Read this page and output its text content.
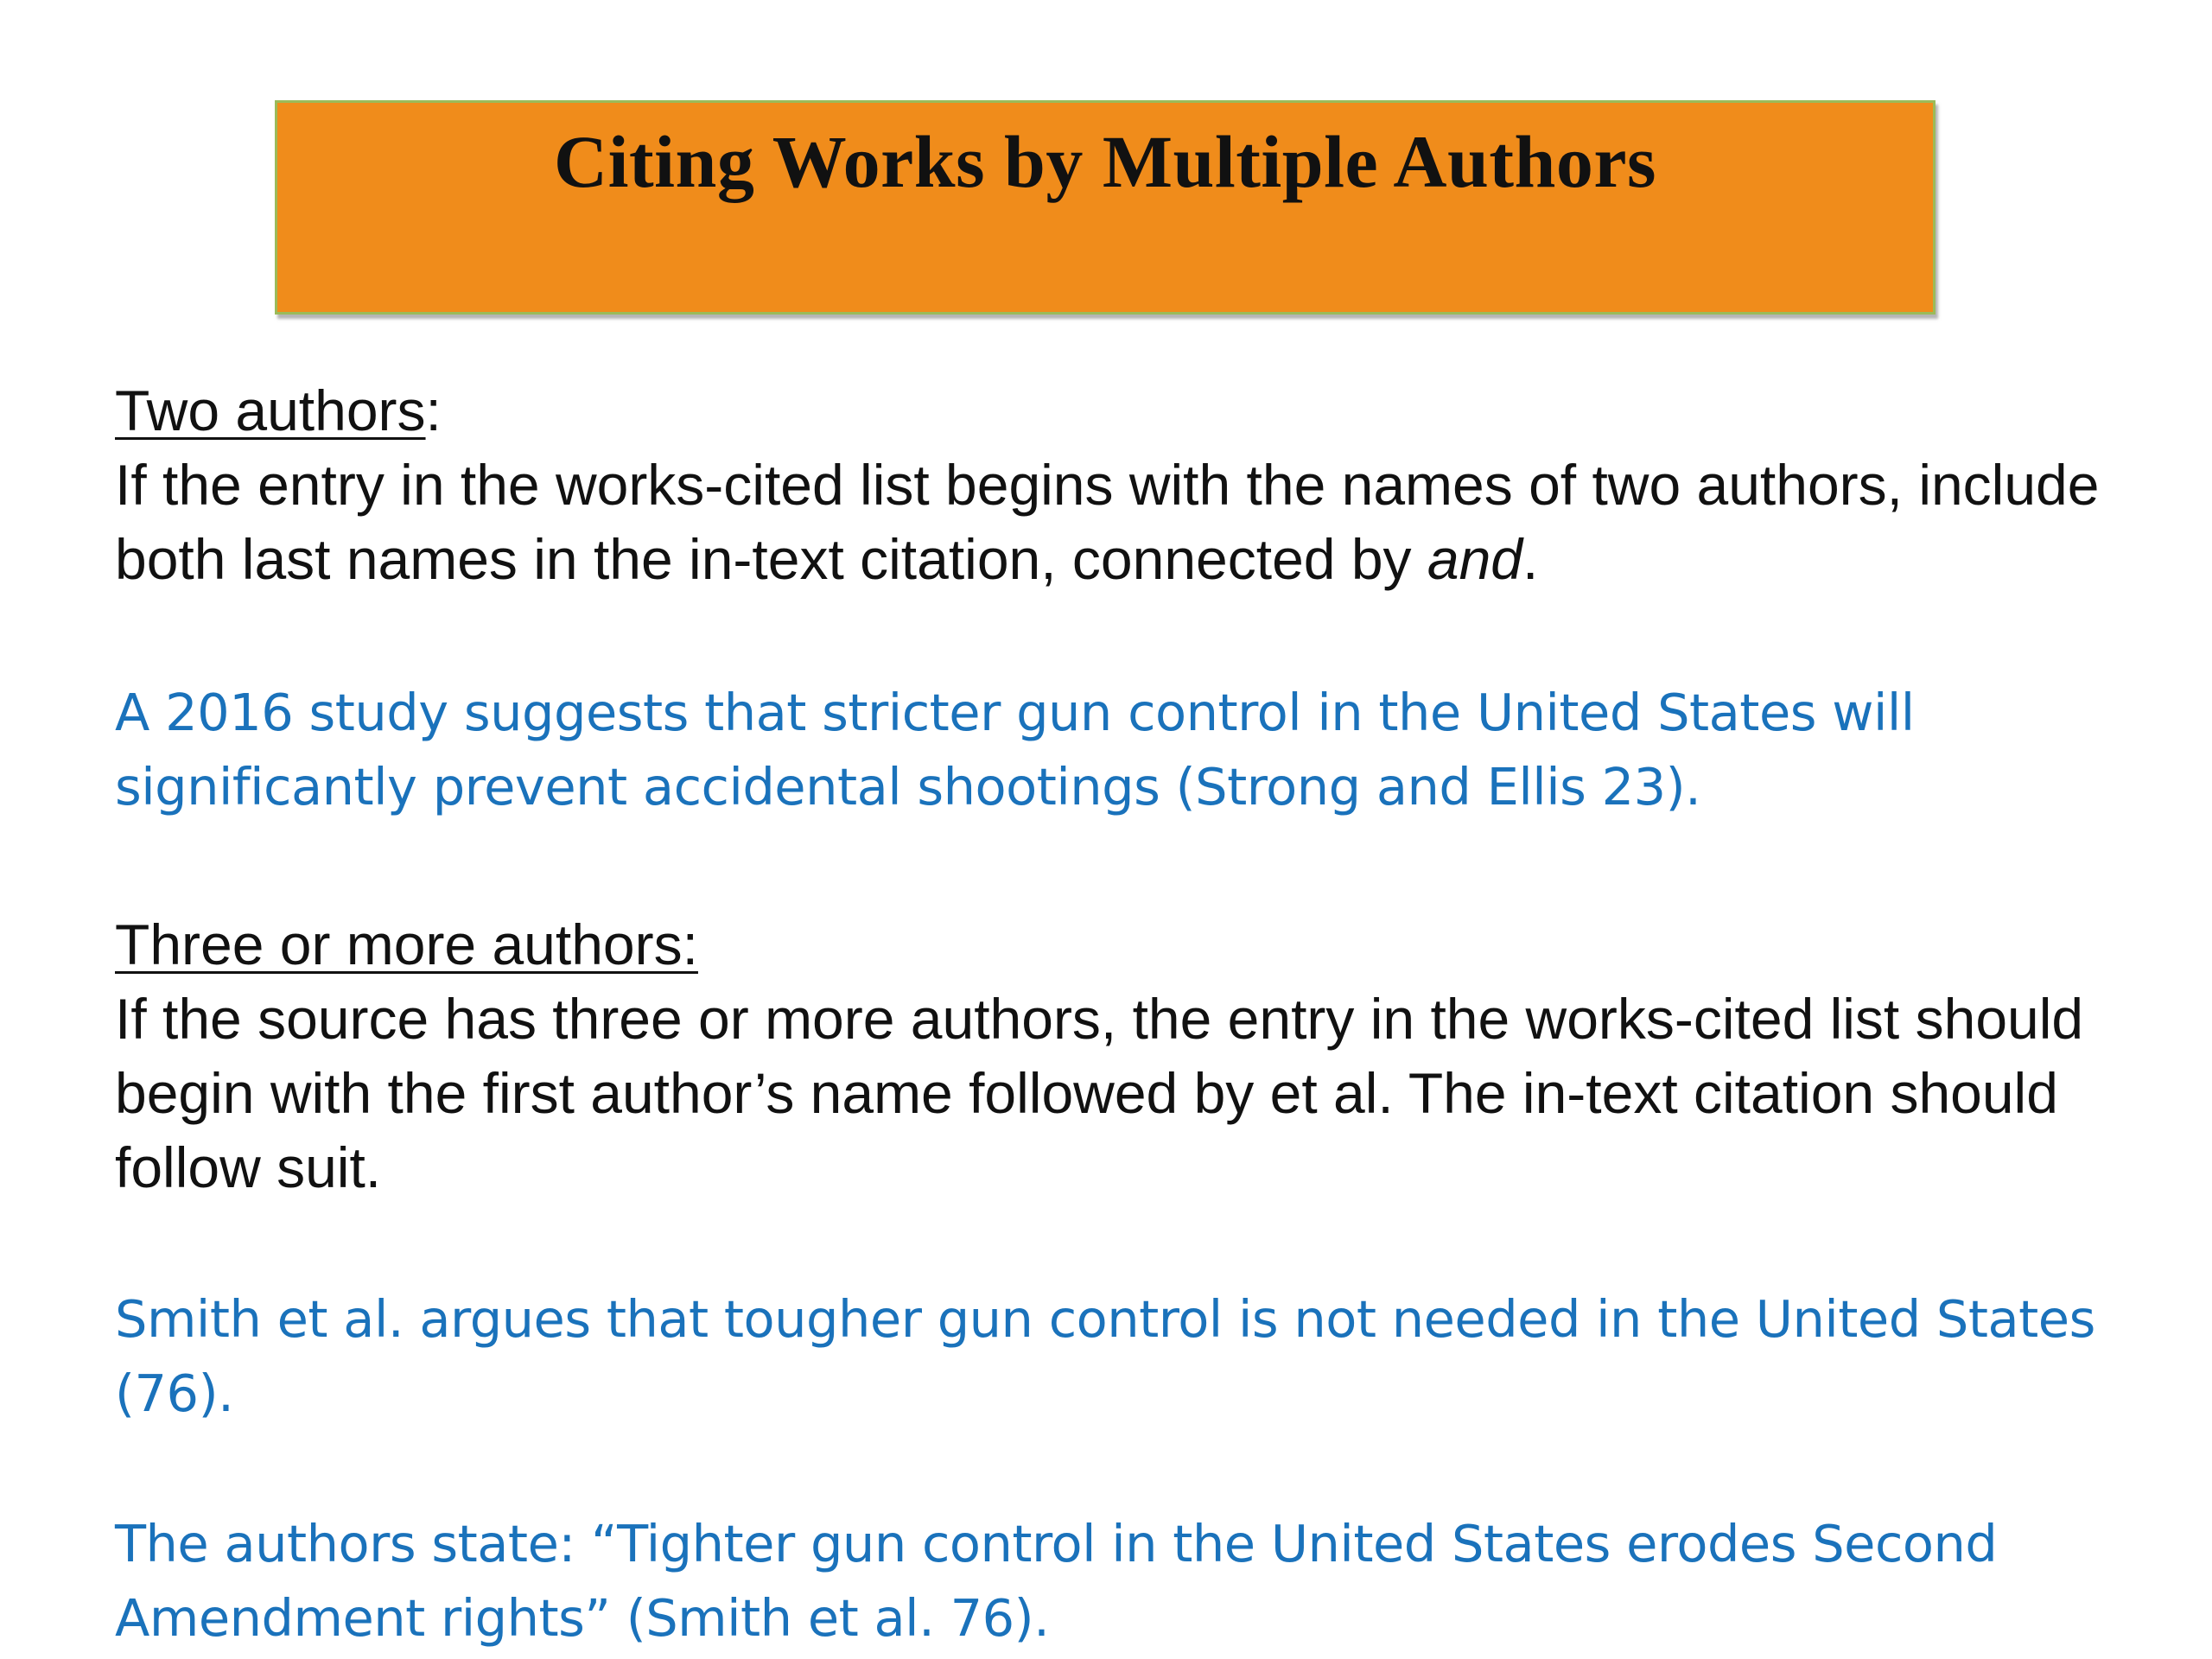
Citing Works by Multiple Authors
Two authors:
If the entry in the works-cited list begins with the names of two authors, include both last names in the in-text citation, connected by and.
A 2016 study suggests that stricter gun control in the United States will significantly prevent accidental shootings (Strong and Ellis 23).
Three or more authors:
If the source has three or more authors, the entry in the works-cited list should begin with the first author’s name followed by et al. The in-text citation should follow suit.
Smith et al. argues that tougher gun control is not needed in the United States (76).
The authors state: “Tighter gun control in the United States erodes Second Amendment rights” (Smith et al. 76).
